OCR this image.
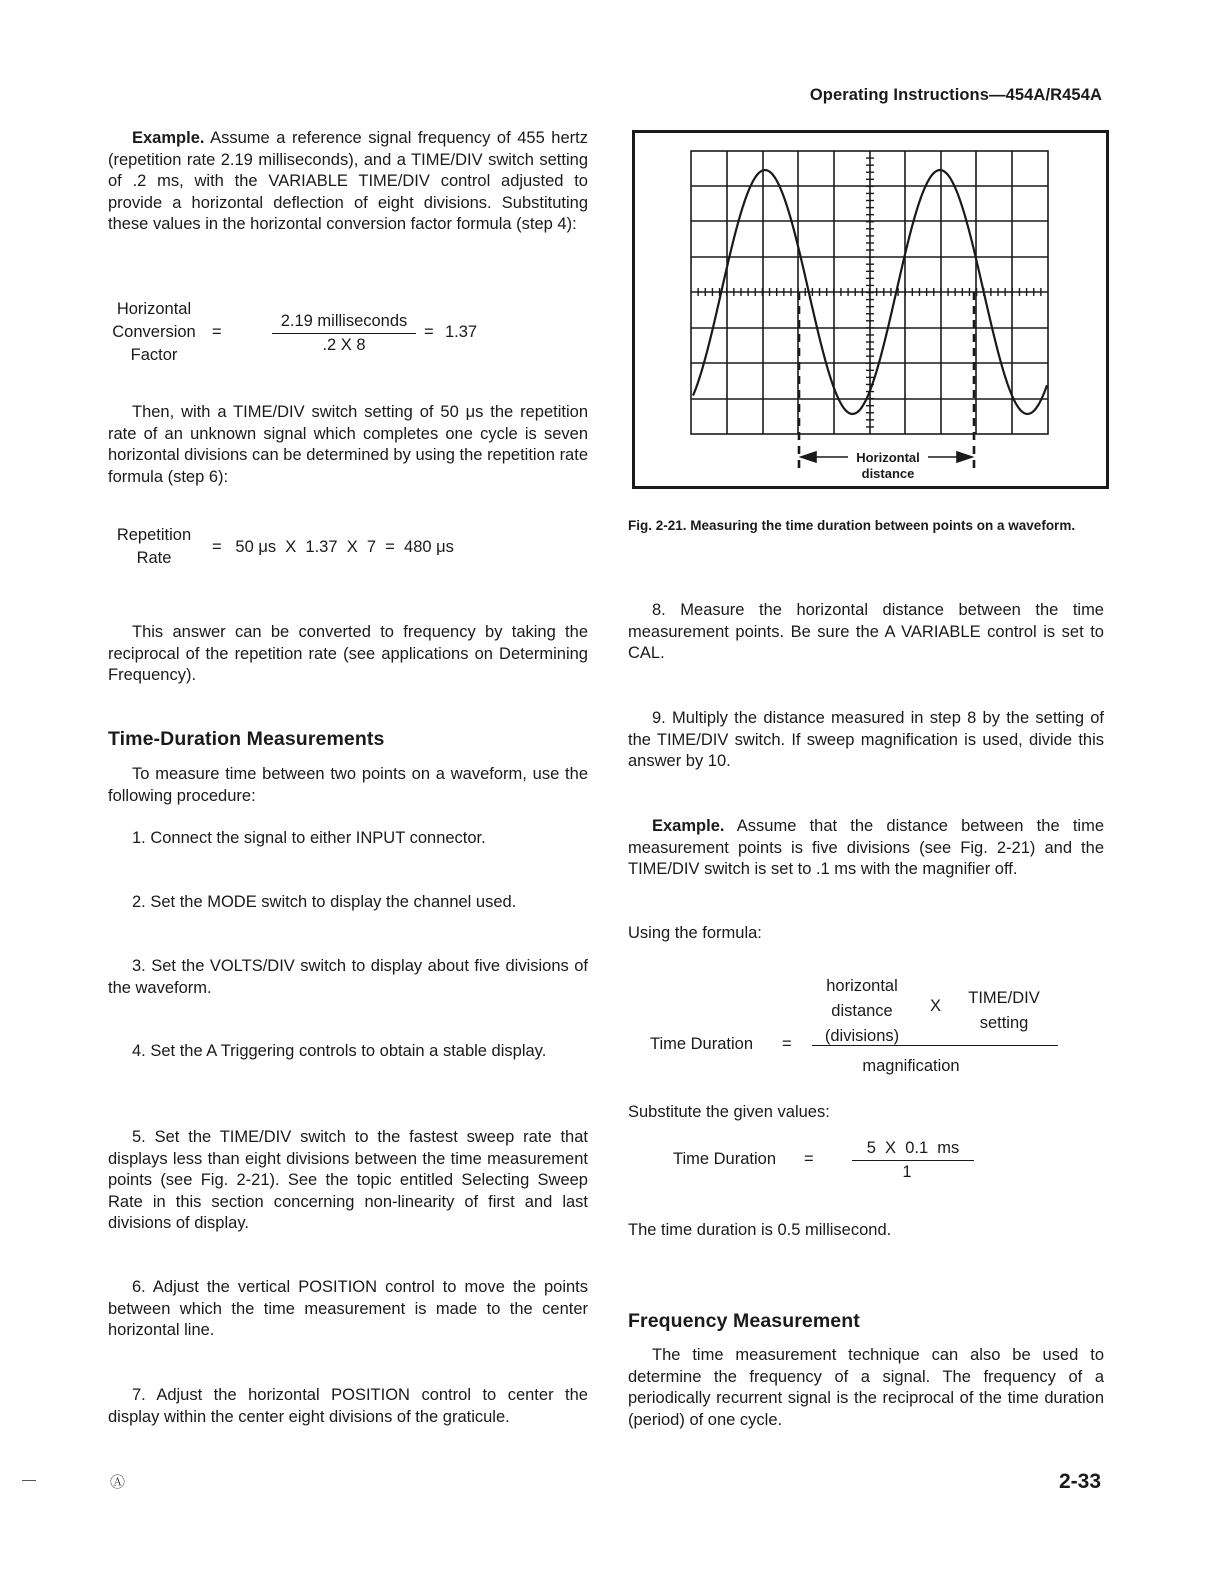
Operating Instructions—454A/R454A

Example. Assume a reference signal frequency of 455 hertz (repetition rate 2.19 milliseconds), and a TIME/DIV switch setting of .2 ms, with the VARIABLE TIME/DIV control adjusted to provide a horizontal deflection of eight divisions. Substituting these values in the horizontal conversion factor formula (step 4):

Horizontal
Conversion
Factor
=
2.19 milliseconds
.2 X 8
= 1.37

Then, with a TIME/DIV switch setting of 50 μs the repetition rate of an unknown signal which completes one cycle is seven horizontal divisions can be determined by using the repetition rate formula (step 6):

Repetition
Rate
=   50 μs  X  1.37  X  7  =  480 μs

This answer can be converted to frequency by taking the reciprocal of the repetition rate (see applications on Determining Frequency).

Time-Duration Measurements

To measure time between two points on a waveform, use the following procedure:

1. Connect the signal to either INPUT connector.

2. Set the MODE switch to display the channel used.

3. Set the VOLTS/DIV switch to display about five divisions of the waveform.

4. Set the A Triggering controls to obtain a stable display.

5. Set the TIME/DIV switch to the fastest sweep rate that displays less than eight divisions between the time measurement points (see Fig. 2-21). See the topic entitled Selecting Sweep Rate in this section concerning non-linearity of first and last divisions of display.

6. Adjust the vertical POSITION control to move the points between which the time measurement is made to the center horizontal line.

7. Adjust the horizontal POSITION control to center the display within the center eight divisions of the graticule.

Horizontal
distance
Fig. 2-21. Measuring the time duration between points on a waveform.

8. Measure the horizontal distance between the time measurement points. Be sure the A VARIABLE control is set to CAL.

9. Multiply the distance measured in step 8 by the setting of the TIME/DIV switch. If sweep magnification is used, divide this answer by 10.

Example. Assume that the distance between the time measurement points is five divisions (see Fig. 2-21) and the TIME/DIV switch is set to .1 ms with the magnifier off.

Using the formula:

Time Duration =
horizontal
distance
(divisions)
X	TIME/DIV
setting
magnification

Substitute the given values:

Time Duration =
5  X  0.1  ms
1

The time duration is 0.5 millisecond.

Frequency Measurement

The time measurement technique can also be used to determine the frequency of a signal. The frequency of a periodically recurrent signal is the reciprocal of the time duration (period) of one cycle.

Ⓐ	2-33
